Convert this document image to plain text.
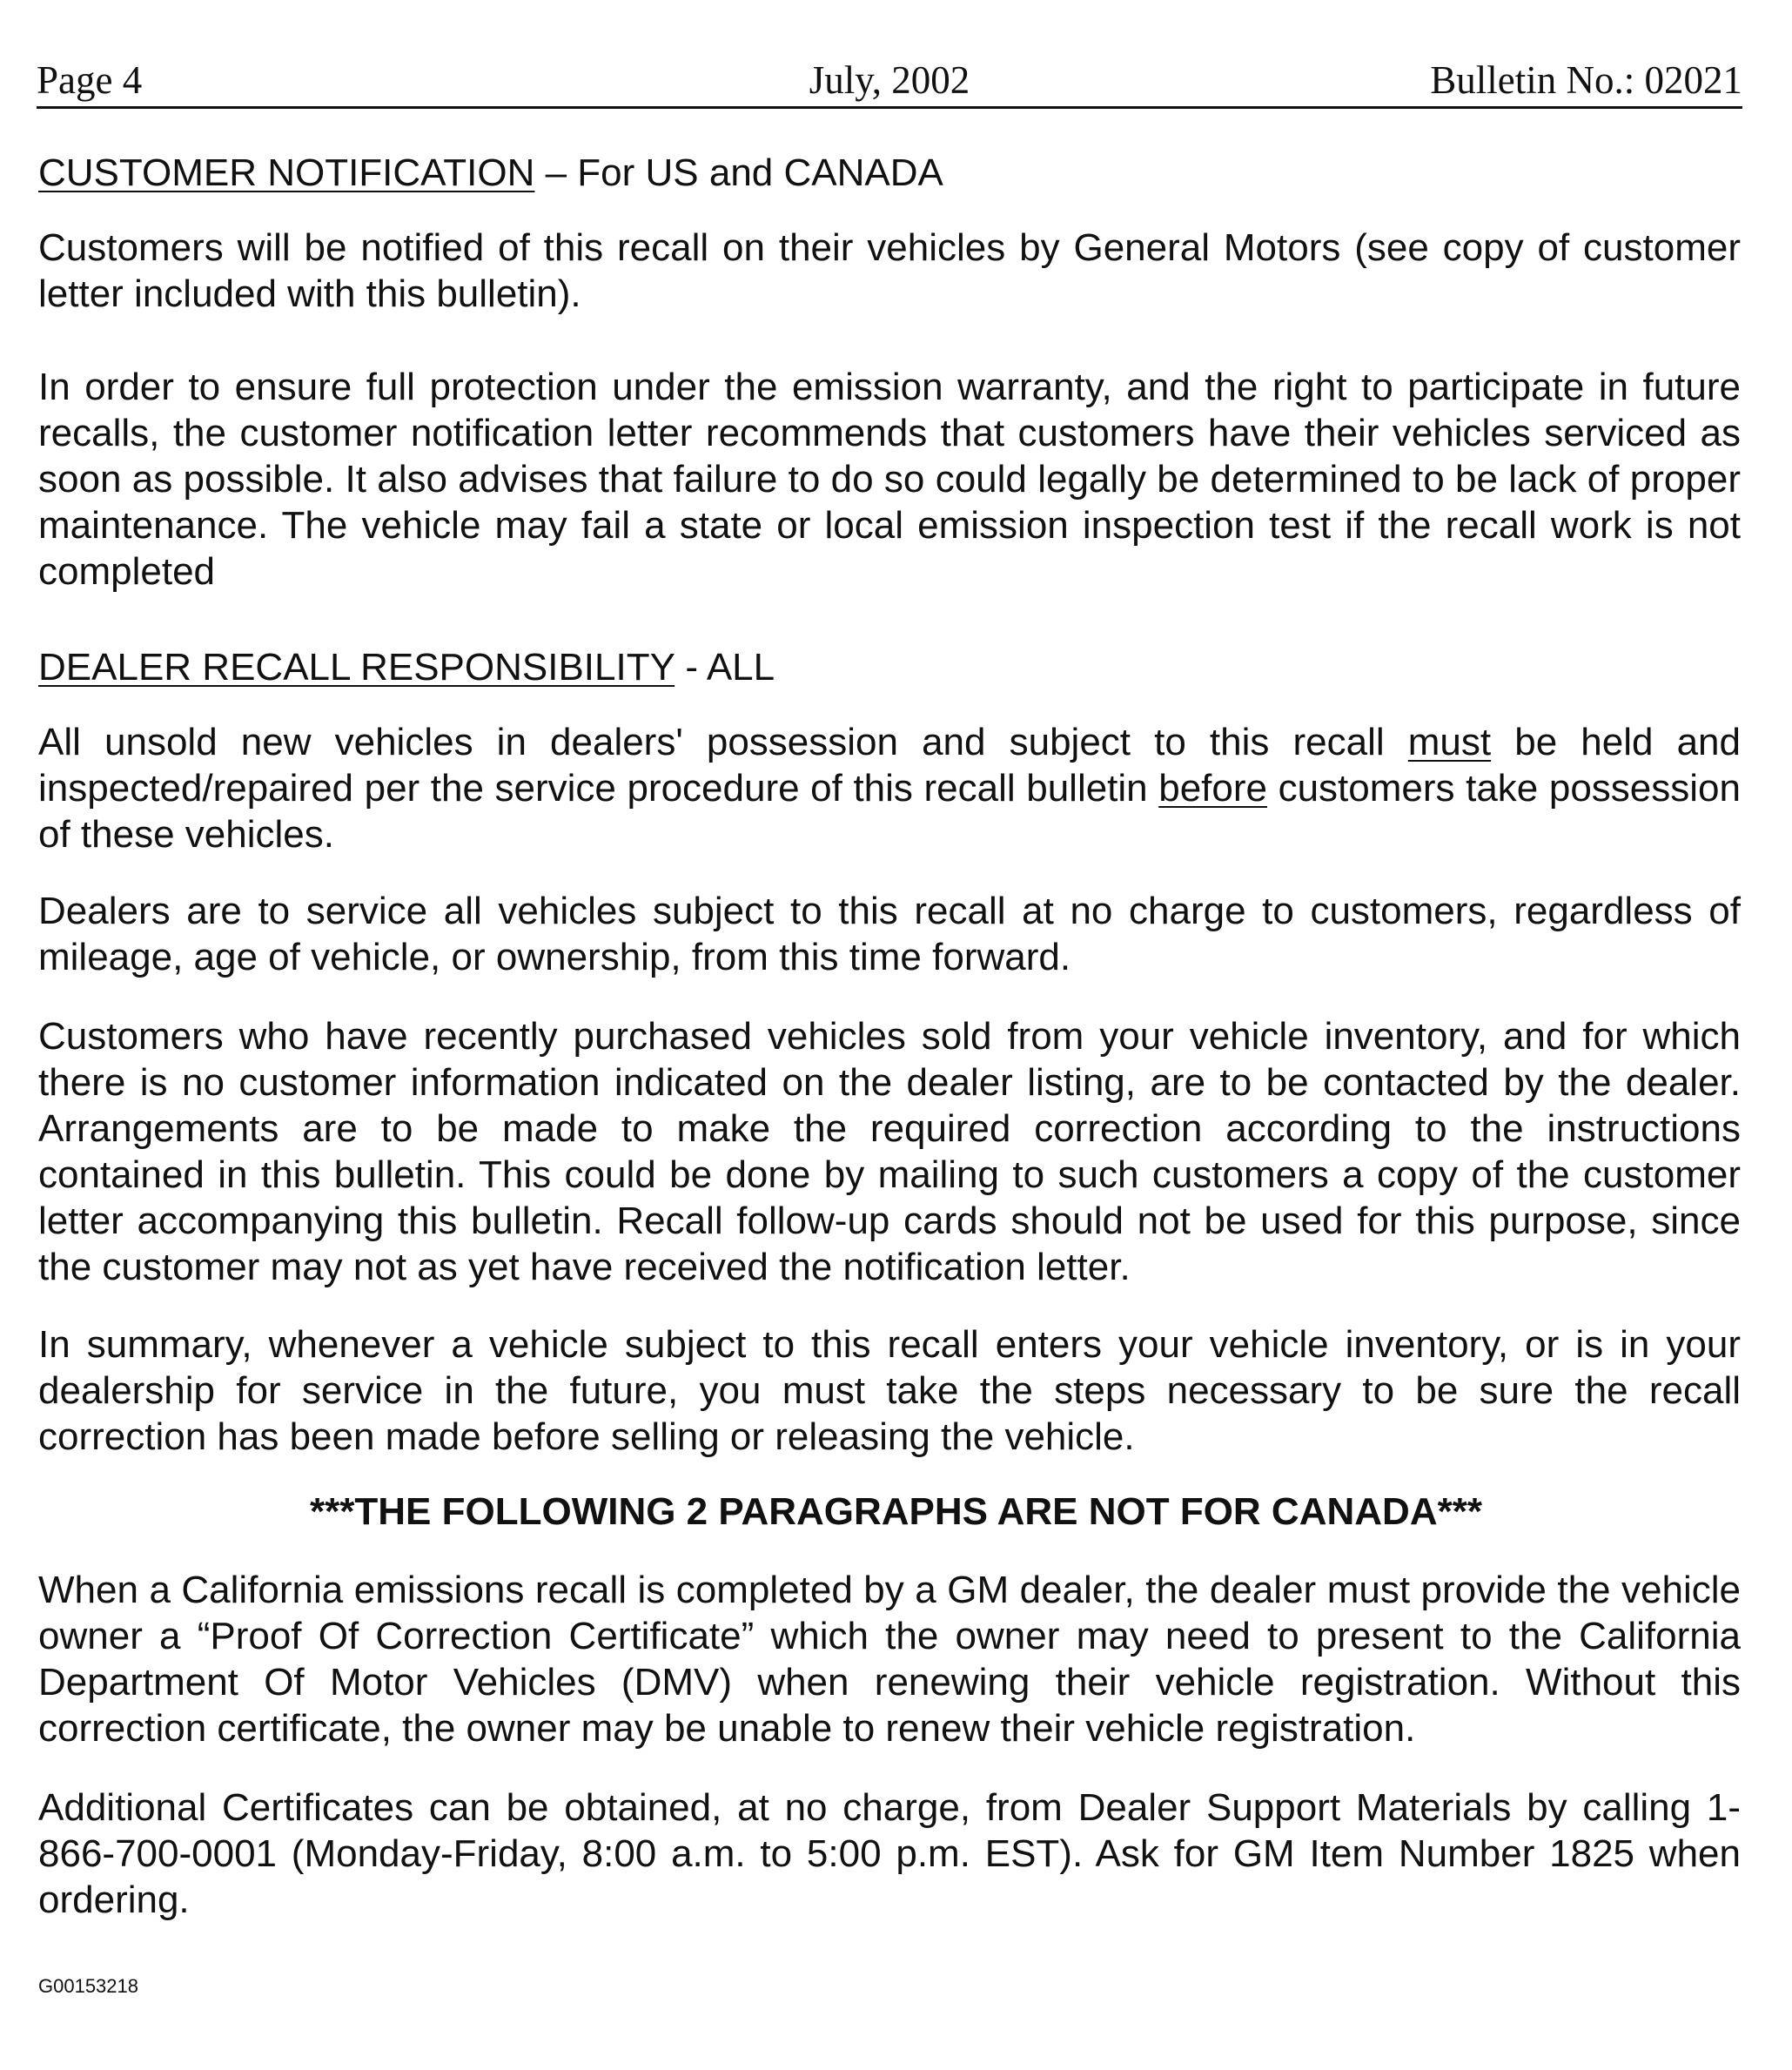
Page 4	July, 2002	Bulletin No.: 02021
CUSTOMER NOTIFICATION – For US and CANADA

Customers will be notified of this recall on their vehicles by General Motors (see copy of customer letter included with this bulletin).

In order to ensure full protection under the emission warranty, and the right to participate in future recalls, the customer notification letter recommends that customers have their vehicles serviced as soon as possible. It also advises that failure to do so could legally be determined to be lack of proper maintenance. The vehicle may fail a state or local emission inspection test if the recall work is not completed

DEALER RECALL RESPONSIBILITY - ALL

All unsold new vehicles in dealers' possession and subject to this recall must be held and inspected/repaired per the service procedure of this recall bulletin before customers take possession of these vehicles.

Dealers are to service all vehicles subject to this recall at no charge to customers, regardless of mileage, age of vehicle, or ownership, from this time forward.

Customers who have recently purchased vehicles sold from your vehicle inventory, and for which there is no customer information indicated on the dealer listing, are to be contacted by the dealer. Arrangements are to be made to make the required correction according to the instructions contained in this bulletin. This could be done by mailing to such customers a copy of the customer letter accompanying this bulletin. Recall follow-up cards should not be used for this purpose, since the customer may not as yet have received the notification letter.

In summary, whenever a vehicle subject to this recall enters your vehicle inventory, or is in your dealership for service in the future, you must take the steps necessary to be sure the recall correction has been made before selling or releasing the vehicle.

***THE FOLLOWING 2 PARAGRAPHS ARE NOT FOR CANADA***

When a California emissions recall is completed by a GM dealer, the dealer must provide the vehicle owner a “Proof Of Correction Certificate” which the owner may need to present to the California Department Of Motor Vehicles (DMV) when renewing their vehicle registration. Without this correction certificate, the owner may be unable to renew their vehicle registration.

Additional Certificates can be obtained, at no charge, from Dealer Support Materials by calling 1-866-700-0001 (Monday-Friday, 8:00 a.m. to 5:00 p.m. EST). Ask for GM Item Number 1825 when ordering.

G00153218
